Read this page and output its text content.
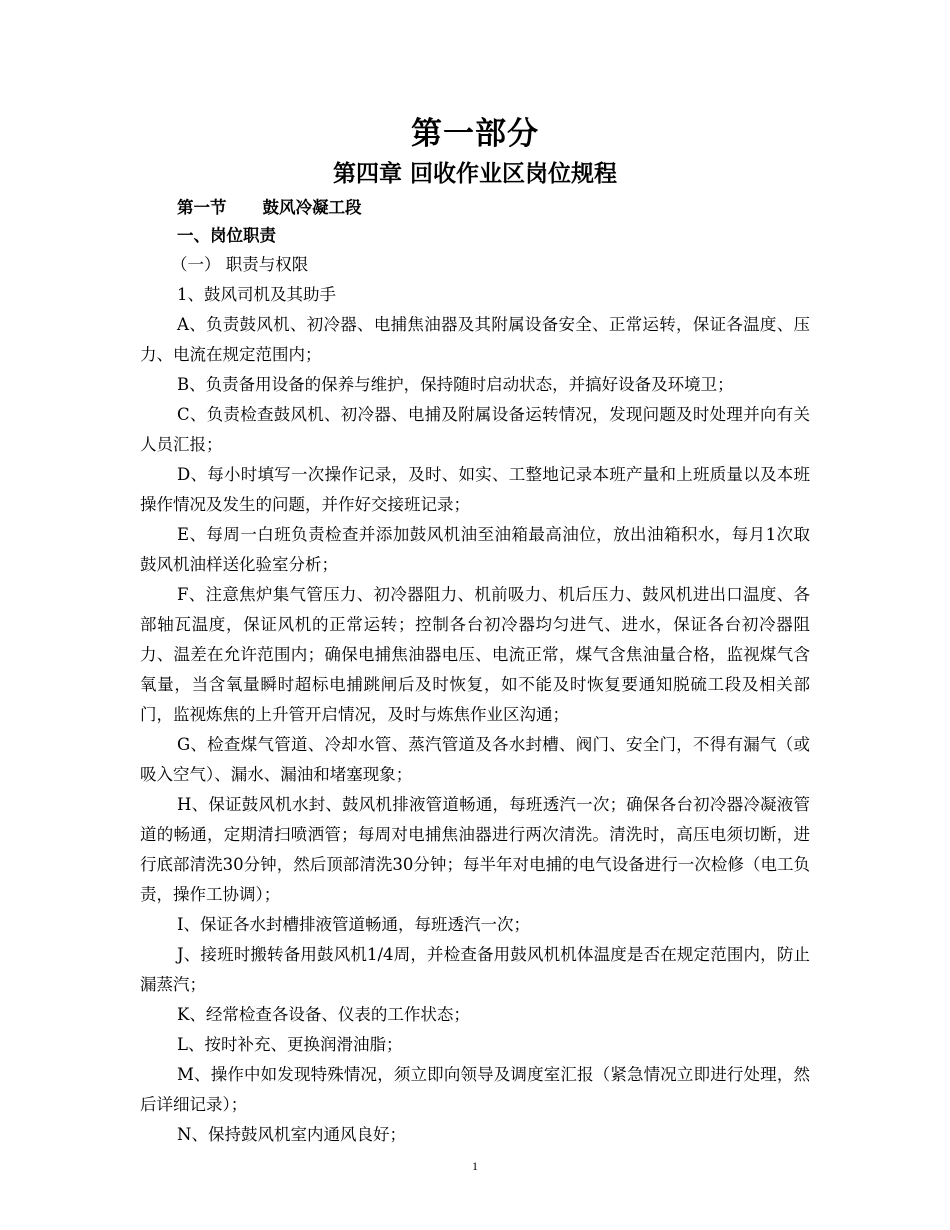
第一部分
第四章 回收作业区岗位规程

第一节 鼓风冷凝工段

一、岗位职责

（一） 职责与权限

1、鼓风司机及其助手

A、负责鼓风机、初冷器、电捕焦油器及其附属设备安全、正常运转，保证各温度、压力、电流在规定范围内；

B、负责备用设备的保养与维护，保持随时启动状态，并搞好设备及环境卫；

C、负责检查鼓风机、初冷器、电捕及附属设备运转情况，发现问题及时处理并向有关人员汇报；

D、每小时填写一次操作记录，及时、如实、工整地记录本班产量和上班质量以及本班操作情况及发生的问题，并作好交接班记录；

E、每周一白班负责检查并添加鼓风机油至油箱最高油位，放出油箱积水，每月1次取鼓风机油样送化验室分析；

F、注意焦炉集气管压力、初冷器阻力、机前吸力、机后压力、鼓风机进出口温度、各部轴瓦温度，保证风机的正常运转；控制各台初冷器均匀进气、进水，保证各台初冷器阻力、温差在允许范围内；确保电捕焦油器电压、电流正常，煤气含焦油量合格，监视煤气含氧量，当含氧量瞬时超标电捕跳闸后及时恢复，如不能及时恢复要通知脱硫工段及相关部门，监视炼焦的上升管开启情况，及时与炼焦作业区沟通；

G、检查煤气管道、冷却水管、蒸汽管道及各水封槽、阀门、安全门，不得有漏气（或吸入空气）、漏水、漏油和堵塞现象；

H、保证鼓风机水封、鼓风机排液管道畅通，每班透汽一次；确保各台初冷器冷凝液管道的畅通，定期清扫喷洒管；每周对电捕焦油器进行两次清洗。清洗时，高压电须切断，进行底部清洗30分钟，然后顶部清洗30分钟；每半年对电捕的电气设备进行一次检修（电工负责，操作工协调）；

I、保证各水封槽排液管道畅通，每班透汽一次；

J、接班时搬转备用鼓风机1/4周，并检查备用鼓风机机体温度是否在规定范围内，防止漏蒸汽；

K、经常检查各设备、仪表的工作状态；

L、按时补充、更换润滑油脂；

M、操作中如发现特殊情况，须立即向领导及调度室汇报（紧急情况立即进行处理，然后详细记录）；

N、保持鼓风机室内通风良好；

1
